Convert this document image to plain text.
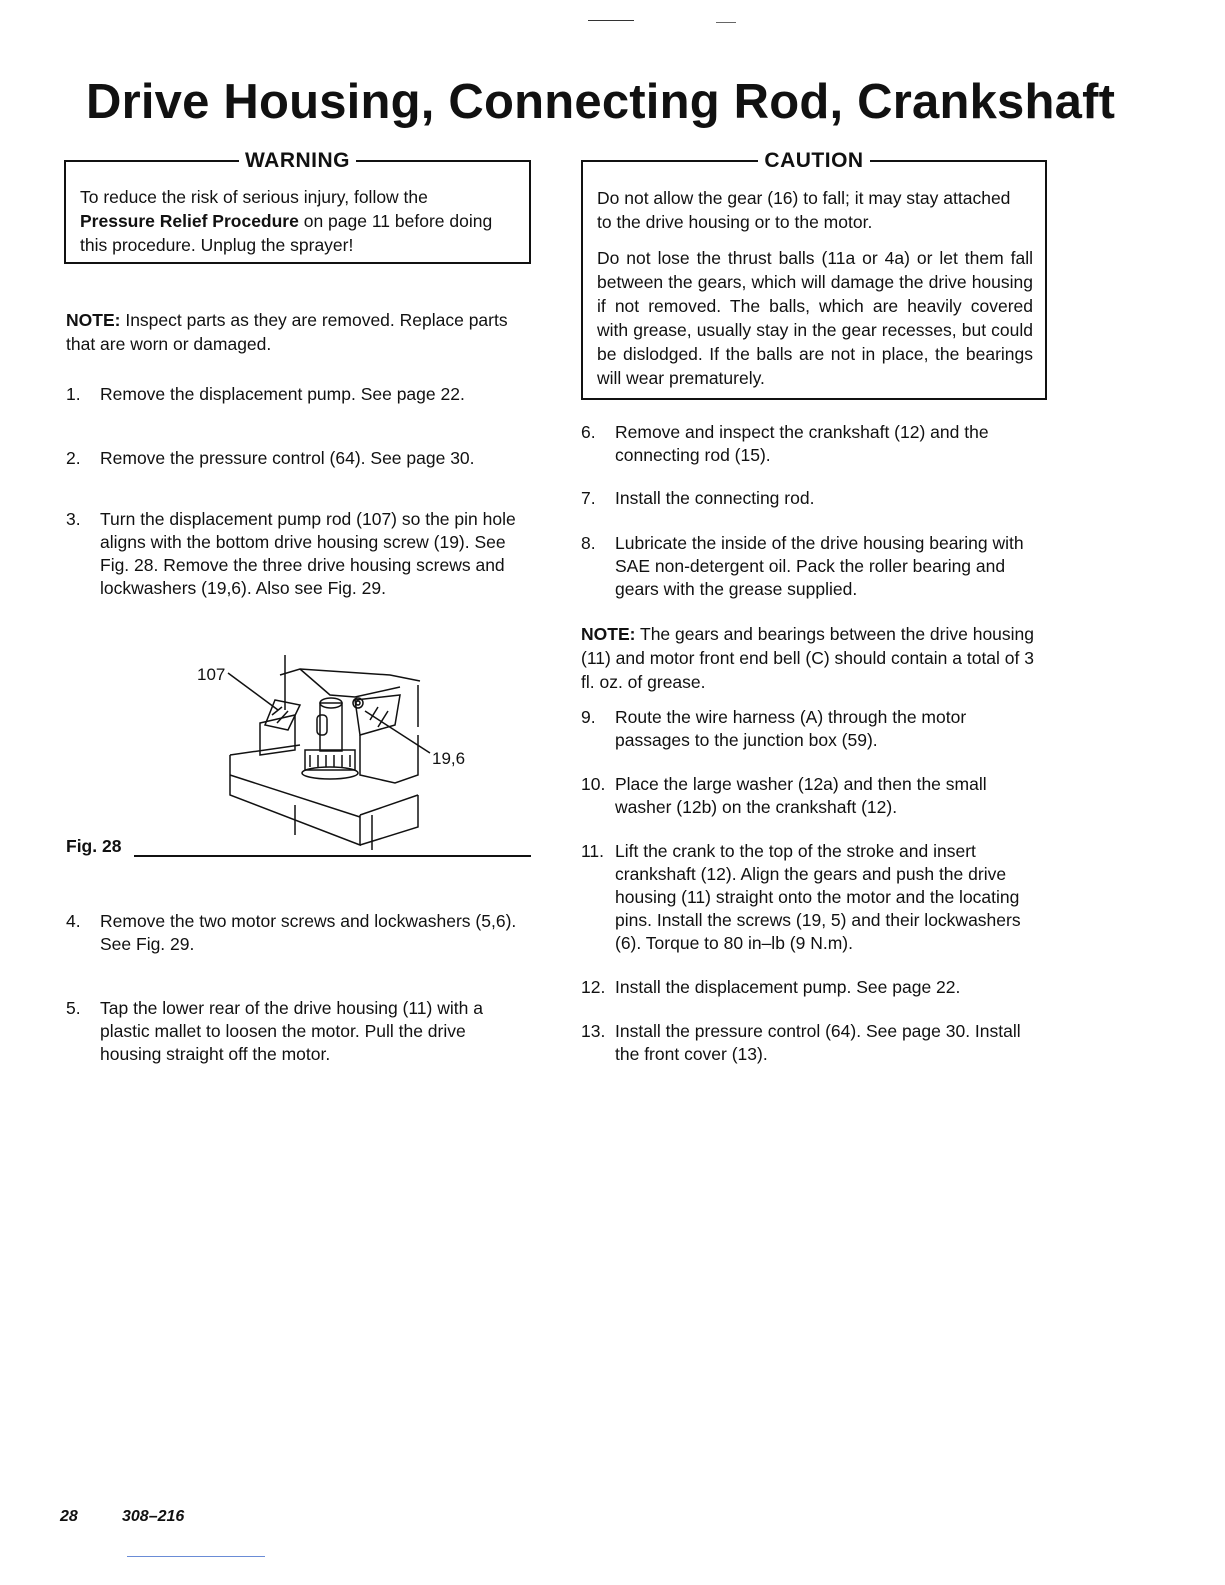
Drive Housing, Connecting Rod, Crankshaft
WARNING
To reduce the risk of serious injury, follow the Pressure Relief Procedure on page 11 before doing this procedure. Unplug the sprayer!
NOTE: Inspect parts as they are removed. Replace parts that are worn or damaged.
1. Remove the displacement pump. See page 22.
2. Remove the pressure control (64). See page 30.
3. Turn the displacement pump rod (107) so the pin hole aligns with the bottom drive housing screw (19). See Fig. 28. Remove the three drive housing screws and lockwashers (19,6). Also see Fig. 29.
107
19,6
Fig. 28
4. Remove the two motor screws and lockwashers (5,6). See Fig. 29.
5. Tap the lower rear of the drive housing (11) with a plastic mallet to loosen the motor. Pull the drive housing straight off the motor.
CAUTION
Do not allow the gear (16) to fall; it may stay attached to the drive housing or to the motor.
Do not lose the thrust balls (11a or 4a) or let them fall between the gears, which will damage the drive housing if not removed. The balls, which are heavily covered with grease, usually stay in the gear recesses, but could be dislodged. If the balls are not in place, the bearings will wear prematurely.
6. Remove and inspect the crankshaft (12) and the connecting rod (15).
7. Install the connecting rod.
8. Lubricate the inside of the drive housing bearing with SAE non-detergent oil. Pack the roller bearing and gears with the grease supplied.
NOTE: The gears and bearings between the drive housing (11) and motor front end bell (C) should contain a total of 3 fl. oz. of grease.
9. Route the wire harness (A) through the motor passages to the junction box (59).
10. Place the large washer (12a) and then the small washer (12b) on the crankshaft (12).
11. Lift the crank to the top of the stroke and insert crankshaft (12). Align the gears and push the drive housing (11) straight onto the motor and the locating pins. Install the screws (19, 5) and their lockwashers (6). Torque to 80 in–lb (9 N.m).
12. Install the displacement pump. See page 22.
13. Install the pressure control (64). See page 30. Install the front cover (13).
28	308–216
